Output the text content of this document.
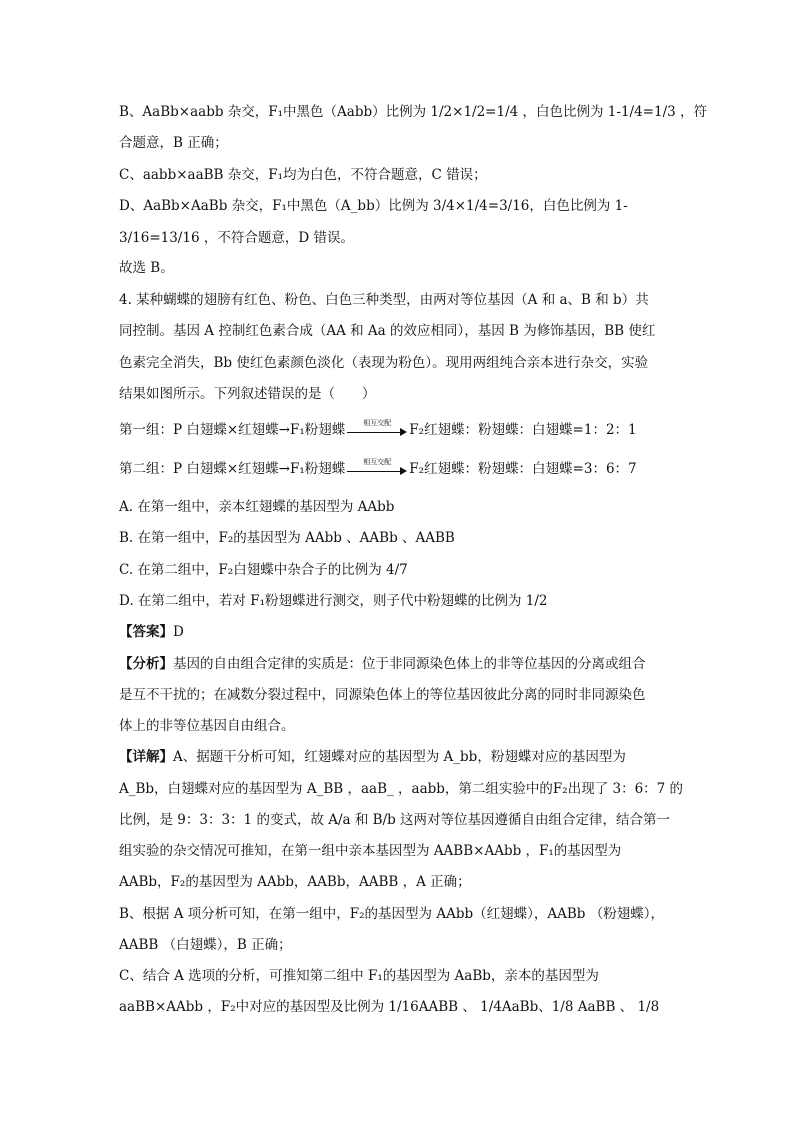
B、AaBb×aabb 杂交，F₁中黑色（Aabb）比例为 1/2×1/2=1/4 ，白色比例为 1-1/4=1/3 ，符
合题意，B 正确；
C、aabb×aaBB 杂交，F₁均为白色，不符合题意，C 错误；
D、AaBb×AaBb 杂交，F₁中黑色（A_bb）比例为 3/4×1/4=3/16，白色比例为 1-
3/16=13/16 ，不符合题意，D 错误。
故选 B。
4. 某种蝴蝶的翅膀有红色、粉色、白色三种类型，由两对等位基因（A 和 a、B 和 b）共
同控制。基因 A 控制红色素合成（AA 和 Aa 的效应相同），基因 B 为修饰基因，BB 使红
色素完全消失，Bb 使红色素颜色淡化（表现为粉色）。现用两组纯合亲本进行杂交，实验
结果如图所示。下列叙述错误的是（　　）
第一组：P 白翅蝶×红翅蝶→F₁粉翅蝶	相互交配	F₂红翅蝶：粉翅蝶：白翅蝶=1：2：1
第二组：P 白翅蝶×红翅蝶→F₁粉翅蝶	相互交配	F₂红翅蝶：粉翅蝶：白翅蝶=3：6：7
A. 在第一组中，亲本红翅蝶的基因型为 AAbb
B. 在第一组中，F₂的基因型为 AAbb 、AABb 、AABB
C. 在第二组中，F₂白翅蝶中杂合子的比例为 4/7
D. 在第二组中，若对 F₁粉翅蝶进行测交，则子代中粉翅蝶的比例为 1/2
【答案】D
【分析】基因的自由组合定律的实质是：位于非同源染色体上的非等位基因的分离或组合
是互不干扰的；在减数分裂过程中，同源染色体上的等位基因彼此分离的同时非同源染色
体上的非等位基因自由组合。
【详解】A、据题干分析可知，红翅蝶对应的基因型为 A_bb，粉翅蝶对应的基因型为
A_Bb，白翅蝶对应的基因型为 A_BB ，aaB_ ，aabb，第二组实验中的F₂出现了 3：6：7 的
比例，是 9：3：3：1 的变式，故 A/a 和 B/b 这两对等位基因遵循自由组合定律，结合第一
组实验的杂交情况可推知，在第一组中亲本基因型为 AABB×AAbb ，F₁的基因型为
AABb，F₂的基因型为 AAbb，AABb，AABB ，A 正确；
B、根据 A 项分析可知，在第一组中，F₂的基因型为 AAbb（红翅蝶），AABb （粉翅蝶），
AABB （白翅蝶），B 正确；
C、结合 A 选项的分析，可推知第二组中 F₁的基因型为 AaBb，亲本的基因型为
aaBB×AAbb ，F₂中对应的基因型及比例为 1/16AABB 、 1/4AaBb、1/8 AaBB 、 1/8
